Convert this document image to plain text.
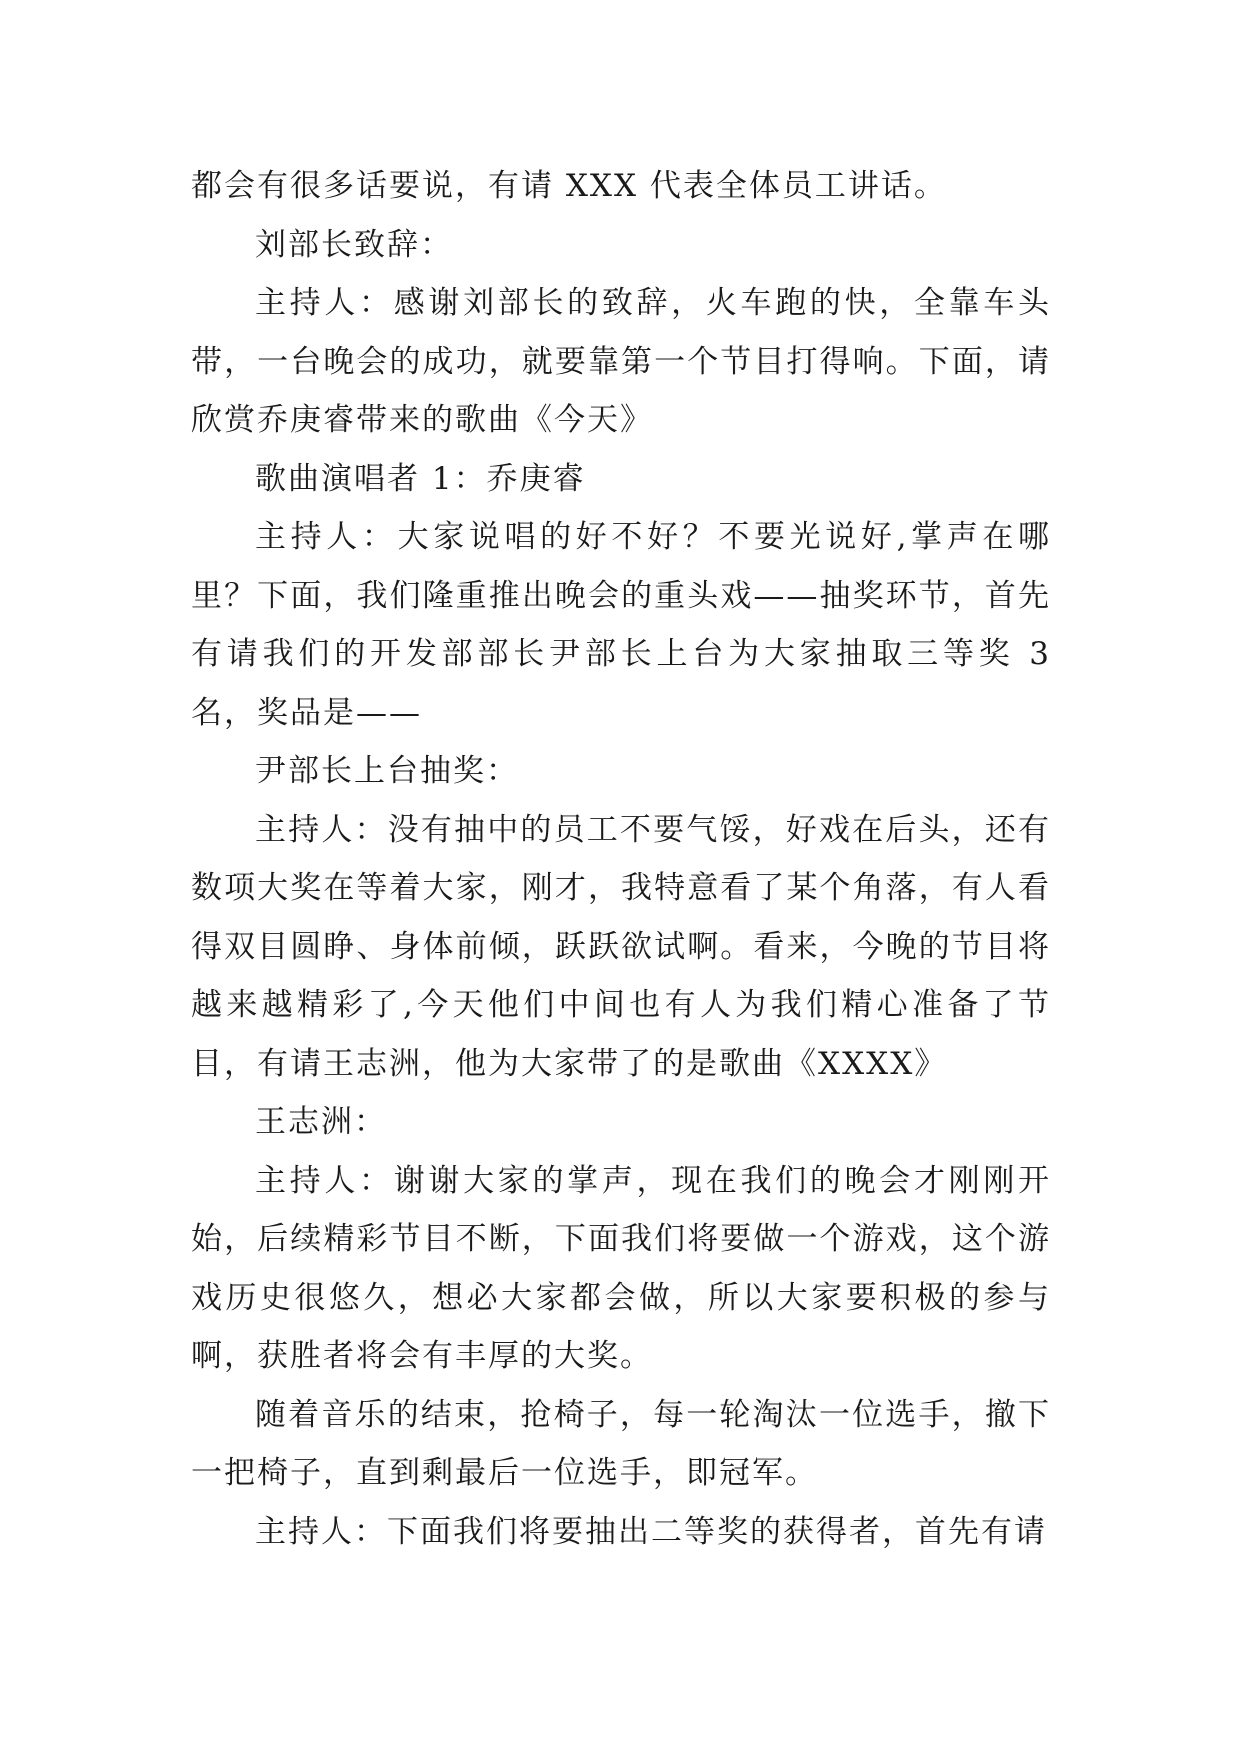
都会有很多话要说，有请 XXX 代表全体员工讲话。

刘部长致辞：

主持人：感谢刘部长的致辞，火车跑的快，全靠车头带，一台晚会的成功，就要靠第一个节目打得响。下面，请欣赏乔庚睿带来的歌曲《今天》

歌曲演唱者 1：乔庚睿

主持人：大家说唱的好不好？不要光说好,掌声在哪里？下面，我们隆重推出晚会的重头戏——抽奖环节，首先有请我们的开发部部长尹部长上台为大家抽取三等奖 3 名，奖品是——

尹部长上台抽奖：

主持人：没有抽中的员工不要气馁，好戏在后头，还有数项大奖在等着大家，刚才，我特意看了某个角落，有人看得双目圆睁、身体前倾，跃跃欲试啊。看来，今晚的节目将越来越精彩了,今天他们中间也有人为我们精心准备了节目，有请王志洲，他为大家带了的是歌曲《XXXX》

王志洲：

主持人：谢谢大家的掌声，现在我们的晚会才刚刚开始，后续精彩节目不断，下面我们将要做一个游戏，这个游戏历史很悠久，想必大家都会做，所以大家要积极的参与啊，获胜者将会有丰厚的大奖。

随着音乐的结束，抢椅子，每一轮淘汰一位选手，撤下一把椅子，直到剩最后一位选手，即冠军。

主持人：下面我们将要抽出二等奖的获得者，首先有请
